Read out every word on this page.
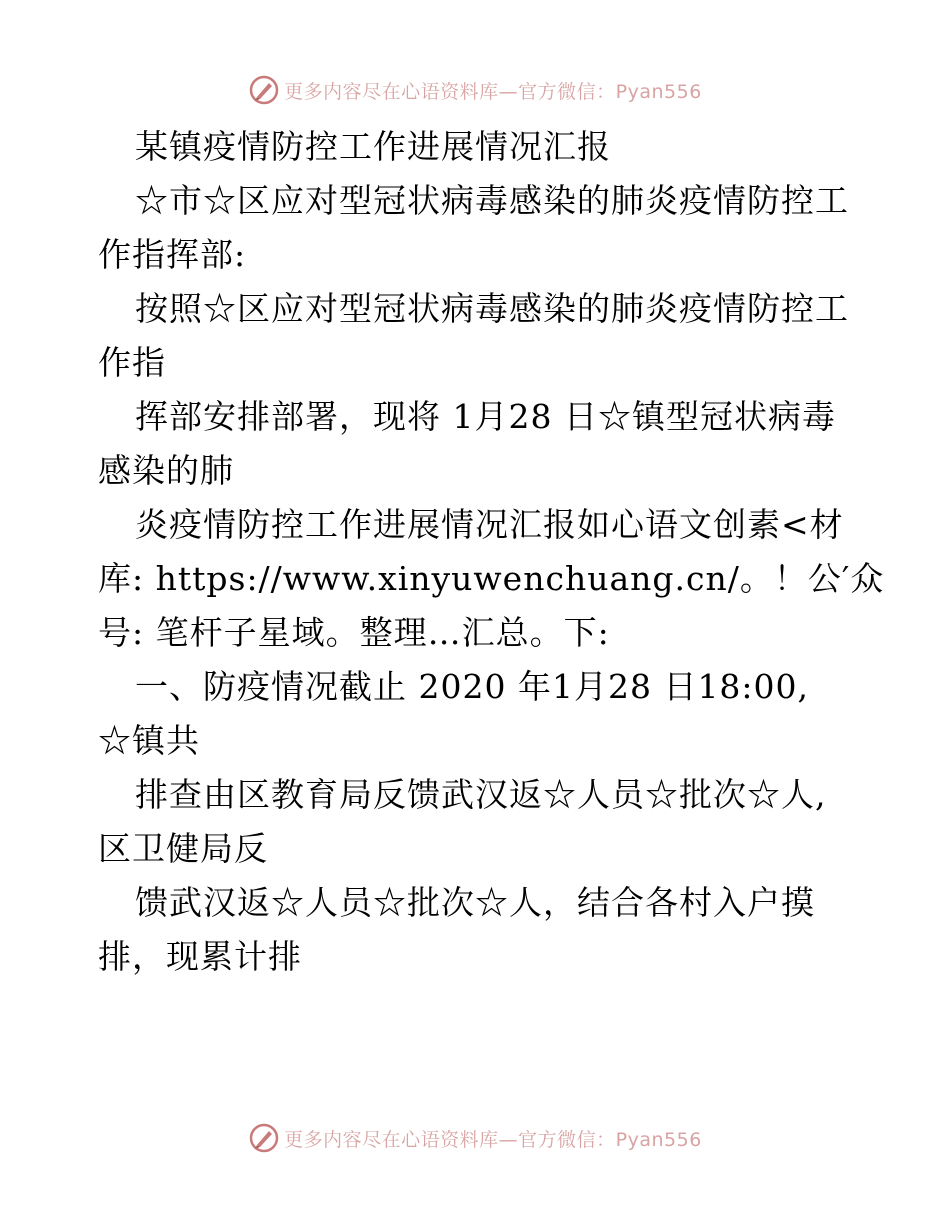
更多内容尽在心语资料库—官方微信：Pyan556
某镇疫情防控工作进展情况汇报
☆市☆区应对型冠状病毒感染的肺炎疫情防控工
作指挥部:
按照☆区应对型冠状病毒感染的肺炎疫情防控工
作指
挥部安排部署，现将 1月28 日☆镇型冠状病毒
感染的肺
炎疫情防控工作进展情况汇报如心语文创素<材
库: https://www.xinyuwenchuang.cn/。！公′众
号: 笔杆子星域。整理…汇总。下:
一、防疫情况截止 2020 年1月28 日18:00,
☆镇共
排查由区教育局反馈武汉返☆人员☆批次☆人,
区卫健局反
馈武汉返☆人员☆批次☆人，结合各村入户摸
排，现累计排
更多内容尽在心语资料库—官方微信：Pyan556
